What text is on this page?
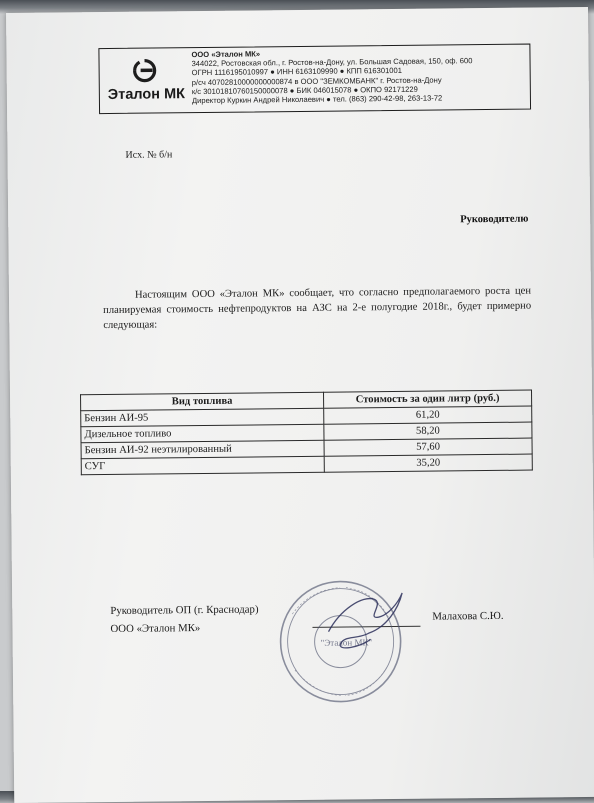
Эталон МК
ООО «Эталон МК»
344022, Ростовская обл., г. Ростов-на-Дону, ул. Большая Садовая, 150, оф. 600
ОГРН 1116195010997 ● ИНН 6163109990 ● КПП 616301001
р/сч 40702810000000000874 в ООО "ЗЕМКОМБАНК" г. Ростов-на-Дону
к/с 30101810760150000078 ● БИК 046015078 ● ОКПО 92171229
Директор Куркин Андрей Николаевич ● тел. (863) 290-42-98, 263-13-72
Исх. № б/н
Руководителю
Настоящим ООО «Эталон МК» сообщает, что согласно предполагаемого роста цен планируемая стоимость нефтепродуктов на АЗС на 2-е полугодие 2018г., будет примерно следующая:
Вид топлива	Стоимость за один литр (руб.)
Бензин АИ-95	61,20
Дизельное топливо	58,20
Бензин АИ-92 неэтилированный	57,60
СУГ	35,20
Руководитель ОП (г. Краснодар)
ООО «Эталон МК»
Малахова С.Ю.
"Эталон МК"
